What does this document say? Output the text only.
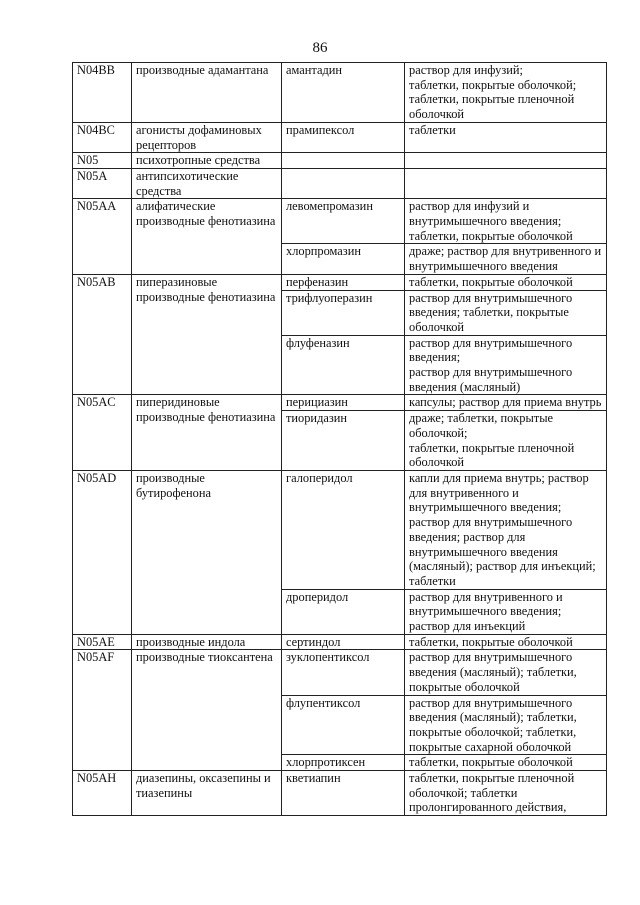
86
N04BB	производные адамантана	амантадин	раствор для инфузий;
таблетки, покрытые оболочкой;
таблетки, покрытые пленочной оболочкой

N04BC	агонисты дофаминовых рецепторов	прамипексол	таблетки

N05	психотропные средства		

N05A	антипсихотические средства		

N05AA	алифатические производные фенотиазина	левомепромазин	раствор для инфузий и внутримышечного введения;
таблетки, покрытые оболочкой

		хлорпромазин	драже; раствор для внутривенного и внутримышечного введения

N05AB	пиперазиновые производные фенотиазина	перфеназин	таблетки, покрытые оболочкой

		трифлуоперазин	раствор для внутримышечного введения; таблетки, покрытые оболочкой

		флуфеназин	раствор для внутримышечного введения;
раствор для внутримышечного введения (масляный)

N05AC	пиперидиновые производные фенотиазина	перициазин	капсулы; раствор для приема внутрь

		тиоридазин	драже; таблетки, покрытые оболочкой;
таблетки, покрытые пленочной оболочкой

N05AD	производные бутирофенона	галоперидол	капли для приема внутрь; раствор для внутривенного и внутримышечного введения;
раствор для внутримышечного введения; раствор для внутримышечного введения (масляный); раствор для инъекций; таблетки

		дроперидол	раствор для внутривенного и внутримышечного введения;
раствор для инъекций

N05AE	производные индола	сертиндол	таблетки, покрытые оболочкой

N05AF	производные тиоксантена	зуклопентиксол	раствор для внутримышечного введения (масляный); таблетки, покрытые оболочкой

		флупентиксол	раствор для внутримышечного введения (масляный); таблетки, покрытые оболочкой; таблетки, покрытые сахарной оболочкой

		хлорпротиксен	таблетки, покрытые оболочкой

N05AH	диазепины, оксазепины и тиазепины	кветиапин	таблетки, покрытые пленочной оболочкой; таблетки пролонгированного действия,
